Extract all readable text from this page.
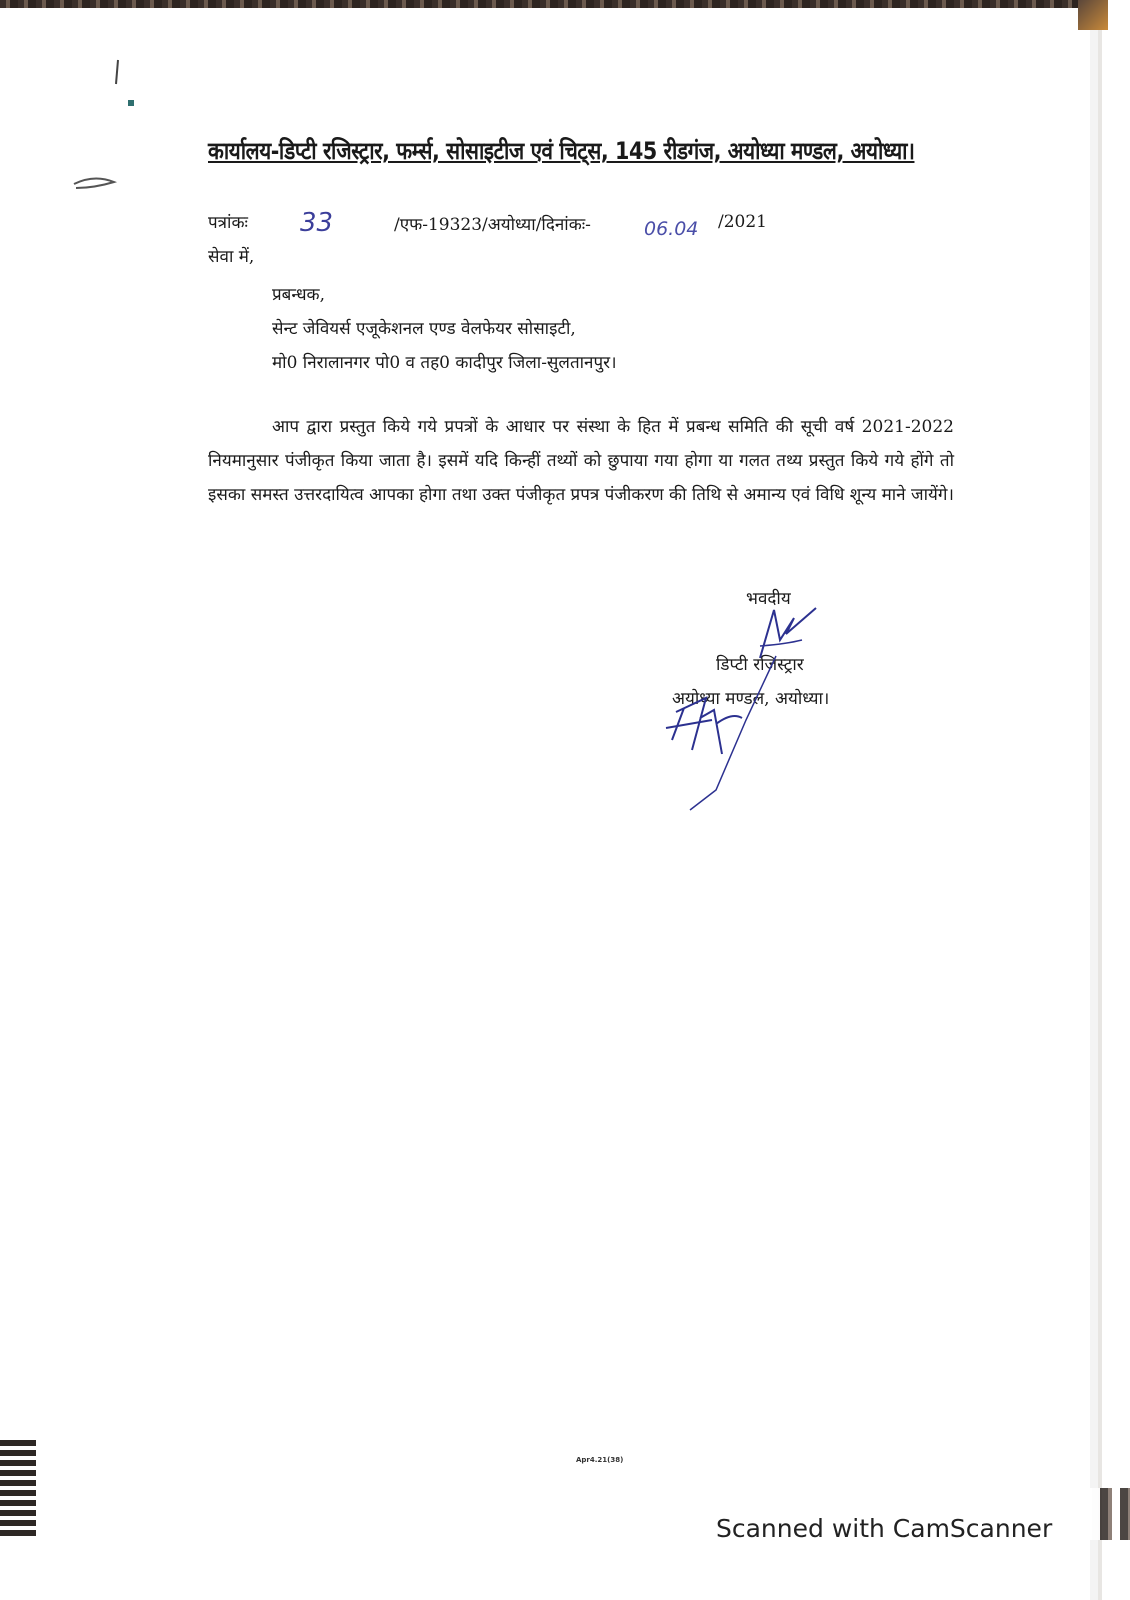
कार्यालय-डिप्टी रजिस्ट्रार, फर्म्स, सोसाइटीज एवं चिट्स, 145 रीडगंज, अयोध्या मण्डल, अयोध्या।
पत्रांकः 33	/एफ-19323/अयोध्या/दिनांकः-	06.04 /2021
सेवा में,
प्रबन्धक,
सेन्ट जेवियर्स एजूकेशनल एण्ड वेलफेयर सोसाइटी,
मो0 निरालानगर पो0 व तह0 कादीपुर जिला-सुलतानपुर।
आप द्वारा प्रस्तुत किये गये प्रपत्रों के आधार पर संस्था के हित में प्रबन्ध समिति की सूची वर्ष 2021-2022 नियमानुसार पंजीकृत किया जाता है। इसमें यदि किन्हीं तथ्यों को छुपाया गया होगा या गलत तथ्य प्रस्तुत किये गये होंगे तो इसका समस्त उत्तरदायित्व आपका होगा तथा उक्त पंजीकृत प्रपत्र पंजीकरण की तिथि से अमान्य एवं विधि शून्य माने जायेंगे।
भवदीय
डिप्टी रजिस्ट्रार
अयोध्या मण्डल, अयोध्या।
Apr4.21(38)
Scanned with CamScanner
